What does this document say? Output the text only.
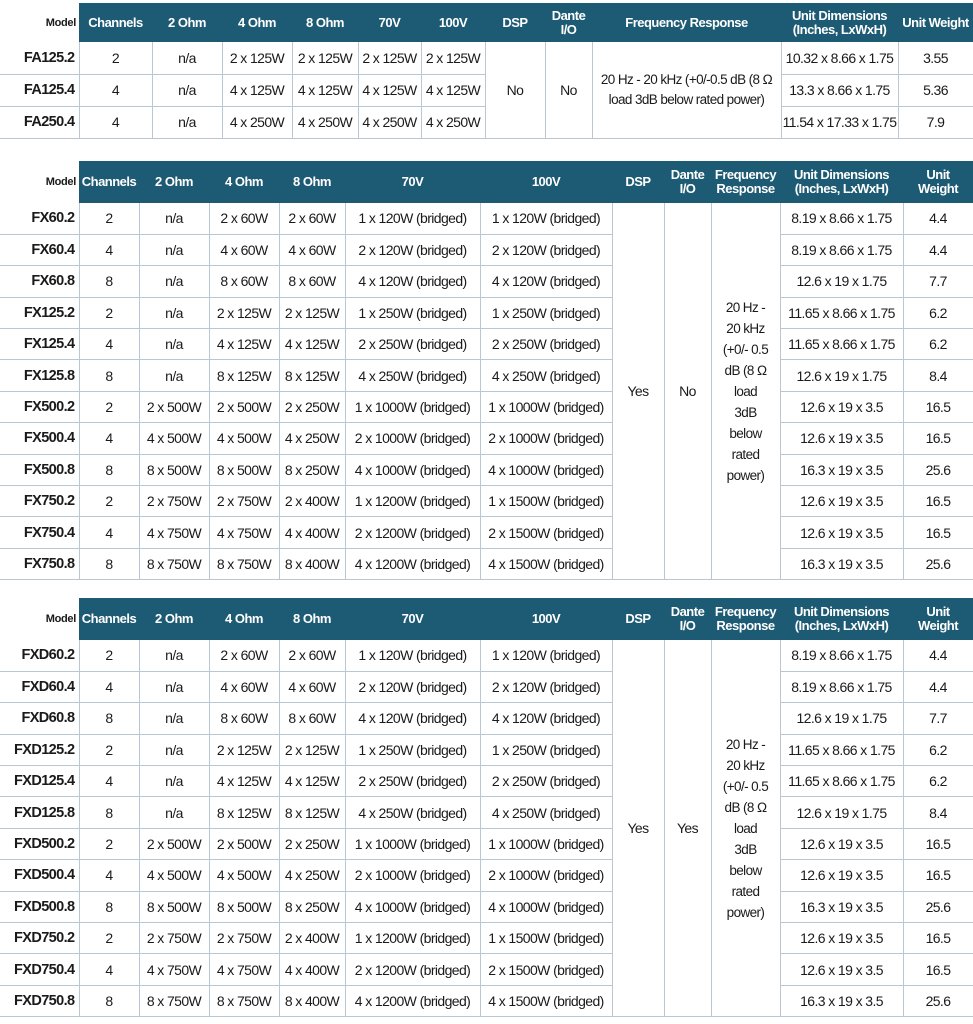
Model	Channels	2 Ohm	4 Ohm	8 Ohm	70V	100V	DSP	Dante I/O	Frequency Response	Unit Dimensions (Inches, LxWxH)	Unit Weight
FA125.2	2	n/a	2 x 125W	2 x 125W	2 x 125W	2 x 125W	No	No	20 Hz - 20 kHz (+0/-0.5 dB (8 Ω load 3dB below rated power)	10.32 x 8.66 x 1.75	3.55
FA125.4	4	n/a	4 x 125W	4 x 125W	4 x 125W	4 x 125W				13.3 x 8.66 x 1.75	5.36
FA250.4	4	n/a	4 x 250W	4 x 250W	4 x 250W	4 x 250W				11.54 x 17.33 x 1.75	7.9
Model	Channels	2 Ohm	4 Ohm	8 Ohm	70V	100V	DSP	Dante I/O	Frequency Response	Unit Dimensions (Inches, LxWxH)	Unit Weight
FX60.2	2	n/a	2 x 60W	2 x 60W	1 x 120W (bridged)	1 x 120W (bridged)	Yes	No	20 Hz - 20 kHz (+0/- 0.5 dB (8 Ω load 3dB below rated power)	8.19 x 8.66 x 1.75	4.4
FX60.4	4	n/a	4 x 60W	4 x 60W	2 x 120W (bridged)	2 x 120W (bridged)				8.19 x 8.66 x 1.75	4.4
FX60.8	8	n/a	8 x 60W	8 x 60W	4 x 120W (bridged)	4 x 120W (bridged)				12.6 x 19 x 1.75	7.7
FX125.2	2	n/a	2 x 125W	2 x 125W	1 x 250W (bridged)	1 x 250W (bridged)				11.65 x 8.66 x 1.75	6.2
FX125.4	4	n/a	4 x 125W	4 x 125W	2 x 250W (bridged)	2 x 250W (bridged)				11.65 x 8.66 x 1.75	6.2
FX125.8	8	n/a	8 x 125W	8 x 125W	4 x 250W (bridged)	4 x 250W (bridged)				12.6 x 19 x 1.75	8.4
FX500.2	2	2 x 500W	2 x 500W	2 x 250W	1 x 1000W (bridged)	1 x 1000W (bridged)				12.6 x 19 x 3.5	16.5
FX500.4	4	4 x 500W	4 x 500W	4 x 250W	2 x 1000W (bridged)	2 x 1000W (bridged)				12.6 x 19 x 3.5	16.5
FX500.8	8	8 x 500W	8 x 500W	8 x 250W	4 x 1000W (bridged)	4 x 1000W (bridged)				16.3 x 19 x 3.5	25.6
FX750.2	2	2 x 750W	2 x 750W	2 x 400W	1 x 1200W (bridged)	1 x 1500W (bridged)				12.6 x 19 x 3.5	16.5
FX750.4	4	4 x 750W	4 x 750W	4 x 400W	2 x 1200W (bridged)	2 x 1500W (bridged)				12.6 x 19 x 3.5	16.5
FX750.8	8	8 x 750W	8 x 750W	8 x 400W	4 x 1200W (bridged)	4 x 1500W (bridged)				16.3 x 19 x 3.5	25.6
Model	Channels	2 Ohm	4 Ohm	8 Ohm	70V	100V	DSP	Dante I/O	Frequency Response	Unit Dimensions (Inches, LxWxH)	Unit Weight
FXD60.2	2	n/a	2 x 60W	2 x 60W	1 x 120W (bridged)	1 x 120W (bridged)	Yes	Yes	20 Hz - 20 kHz (+0/- 0.5 dB (8 Ω load 3dB below rated power)	8.19 x 8.66 x 1.75	4.4
FXD60.4	4	n/a	4 x 60W	4 x 60W	2 x 120W (bridged)	2 x 120W (bridged)				8.19 x 8.66 x 1.75	4.4
FXD60.8	8	n/a	8 x 60W	8 x 60W	4 x 120W (bridged)	4 x 120W (bridged)				12.6 x 19 x 1.75	7.7
FXD125.2	2	n/a	2 x 125W	2 x 125W	1 x 250W (bridged)	1 x 250W (bridged)				11.65 x 8.66 x 1.75	6.2
FXD125.4	4	n/a	4 x 125W	4 x 125W	2 x 250W (bridged)	2 x 250W (bridged)				11.65 x 8.66 x 1.75	6.2
FXD125.8	8	n/a	8 x 125W	8 x 125W	4 x 250W (bridged)	4 x 250W (bridged)				12.6 x 19 x 1.75	8.4
FXD500.2	2	2 x 500W	2 x 500W	2 x 250W	1 x 1000W (bridged)	1 x 1000W (bridged)				12.6 x 19 x 3.5	16.5
FXD500.4	4	4 x 500W	4 x 500W	4 x 250W	2 x 1000W (bridged)	2 x 1000W (bridged)				12.6 x 19 x 3.5	16.5
FXD500.8	8	8 x 500W	8 x 500W	8 x 250W	4 x 1000W (bridged)	4 x 1000W (bridged)				16.3 x 19 x 3.5	25.6
FXD750.2	2	2 x 750W	2 x 750W	2 x 400W	1 x 1200W (bridged)	1 x 1500W (bridged)				12.6 x 19 x 3.5	16.5
FXD750.4	4	4 x 750W	4 x 750W	4 x 400W	2 x 1200W (bridged)	2 x 1500W (bridged)				12.6 x 19 x 3.5	16.5
FXD750.8	8	8 x 750W	8 x 750W	8 x 400W	4 x 1200W (bridged)	4 x 1500W (bridged)				16.3 x 19 x 3.5	25.6
